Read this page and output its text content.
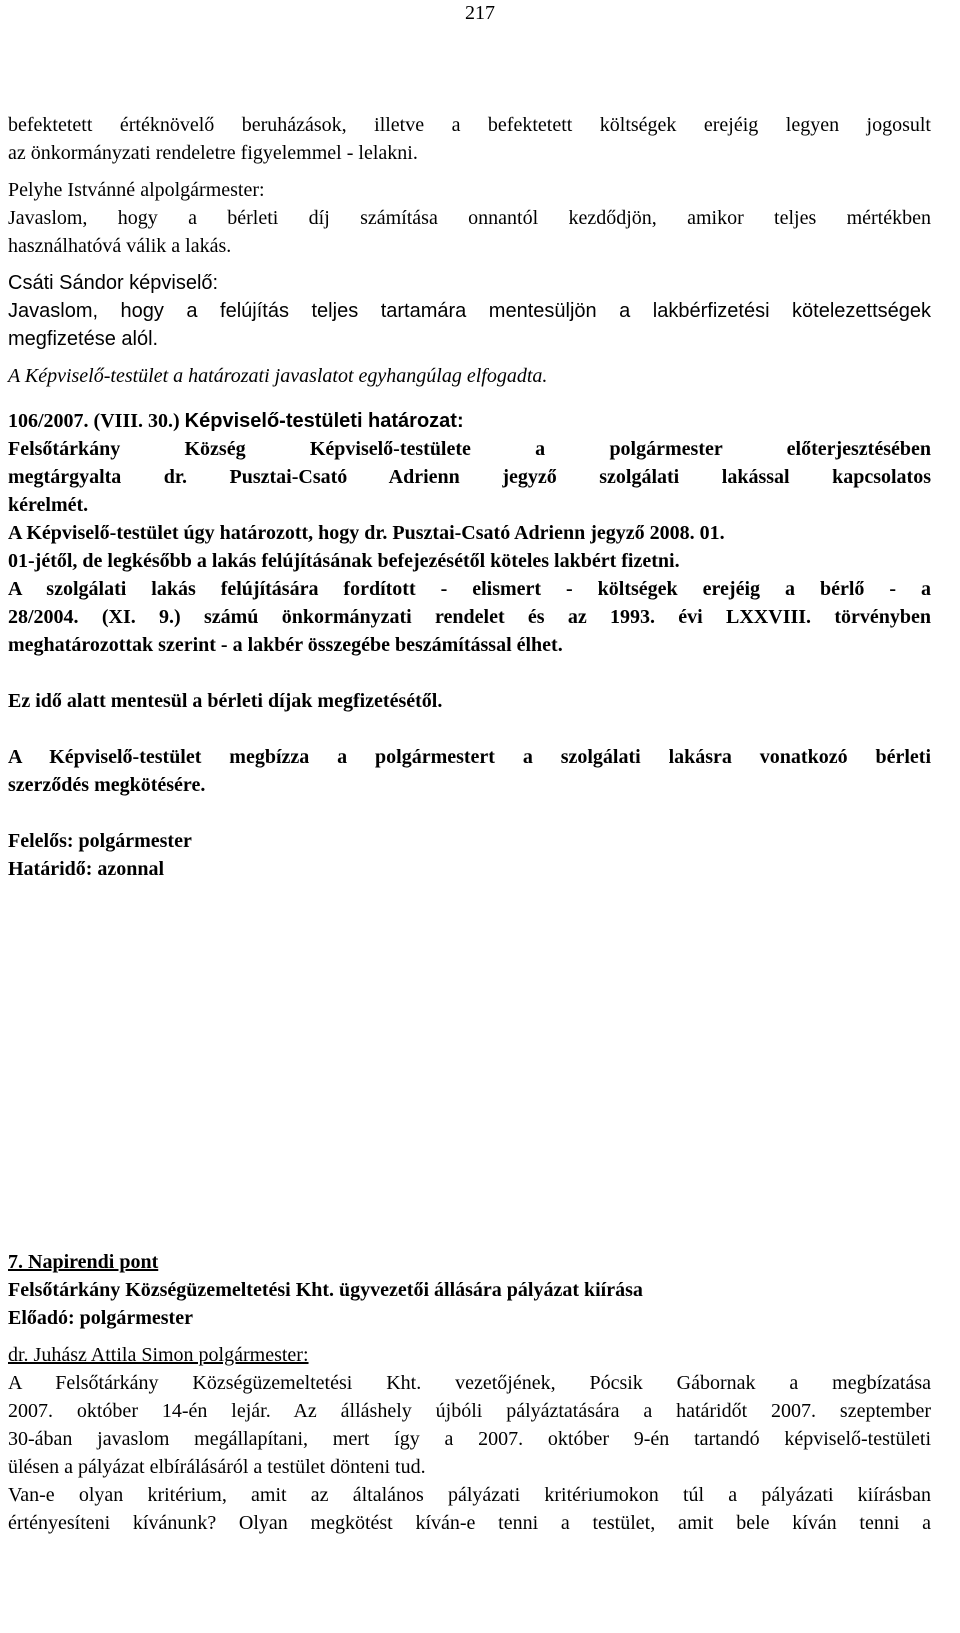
217
befektetett értéknövelő beruházások, illetve a befektetett költségek erejéig legyen jogosult
az önkormányzati rendeletre figyelemmel - lelakni.
Pelyhe Istvánné alpolgármester:
Javaslom, hogy a bérleti díj számítása onnantól kezdődjön, amikor teljes mértékben
használhatóvá válik a lakás.
Csáti Sándor képviselő:
Javaslom, hogy a felújítás teljes tartamára mentesüljön a lakbérfizetési kötelezettségek
megfizetése alól.
A Képviselő-testület a határozati javaslatot egyhangúlag elfogadta.
106/2007. (VIII. 30.) Képviselő-testületi határozat:
Felsőtárkány Község Képviselő-testülete a polgármester előterjesztésében
megtárgyalta dr. Pusztai-Csató Adrienn jegyző szolgálati lakással kapcsolatos
kérelmét.
A Képviselő-testület úgy határozott, hogy dr. Pusztai-Csató Adrienn jegyző 2008. 01.
01-jétől, de legkésőbb a lakás felújításának befejezésétől köteles lakbért fizetni.
A szolgálati lakás felújítására fordított - elismert - költségek erejéig a bérlő - a
28/2004. (XI. 9.) számú önkormányzati rendelet és az 1993. évi LXXVIII. törvényben
meghatározottak szerint - a lakbér összegébe beszámítással élhet.
Ez idő alatt mentesül a bérleti díjak megfizetésétől.
A Képviselő-testület megbízza a polgármestert a szolgálati lakásra vonatkozó bérleti
szerződés megkötésére.
Felelős: polgármester
Határidő: azonnal
7. Napirendi pont
Felsőtárkány Községüzemeltetési Kht. ügyvezetői állására pályázat kiírása
Előadó: polgármester
dr. Juhász Attila Simon polgármester:
A Felsőtárkány Községüzemeltetési Kht. vezetőjének, Pócsik Gábornak a megbízatása
2007. október 14-én lejár. Az álláshely újbóli pályáztatására a határidőt 2007. szeptember
30-ában javaslom megállapítani, mert így a 2007. október 9-én tartandó képviselő-testületi
ülésen a pályázat elbírálásáról a testület dönteni tud.
Van-e olyan kritérium, amit az általános pályázati kritériumokon túl a pályázati kiírásban
értényesíteni kívánunk? Olyan megkötést kíván-e tenni a testület, amit bele kíván tenni a
